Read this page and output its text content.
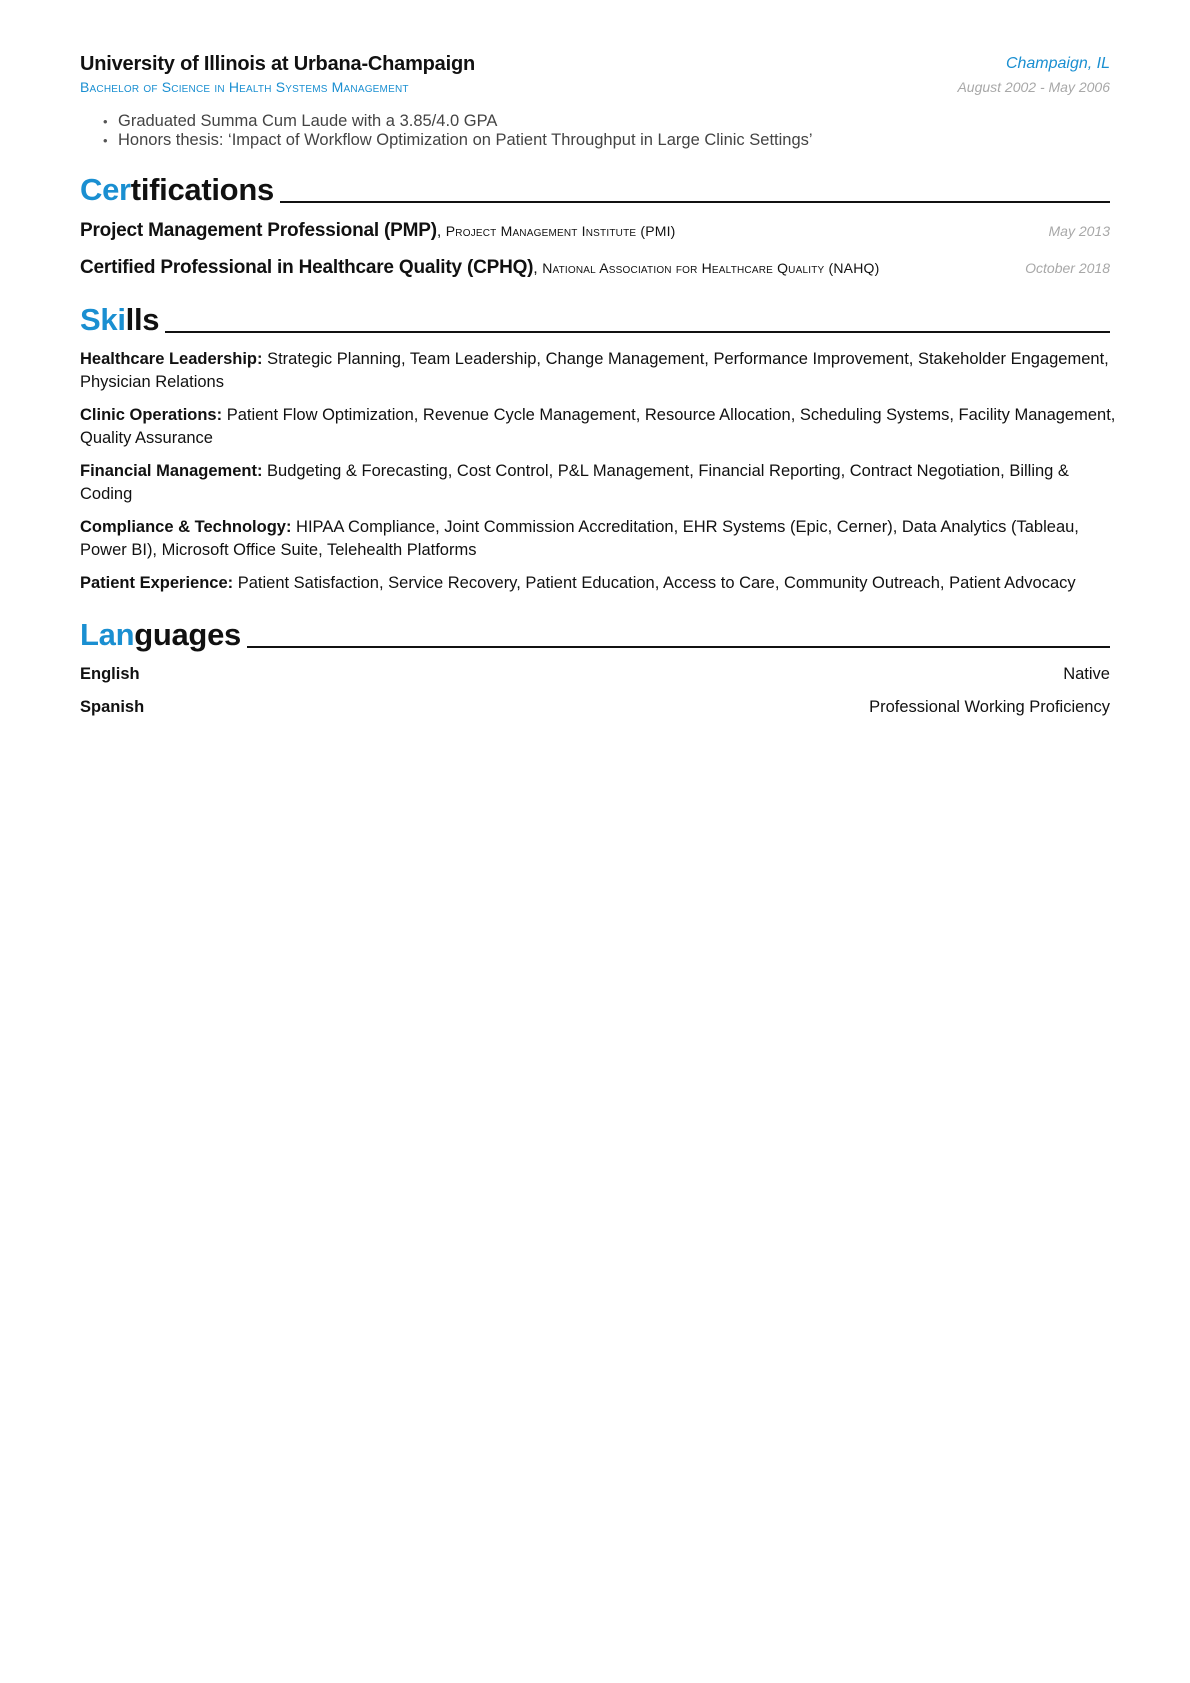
University of Illinois at Urbana-Champaign	Champaign, IL
Bachelor of Science in Health Systems Management	August 2002 - May 2006
• Graduated Summa Cum Laude with a 3.85/4.0 GPA
• Honors thesis: ‘Impact of Workflow Optimization on Patient Throughput in Large Clinic Settings’
Certifications
Project Management Professional (PMP), Project Management Institute (PMI)	May 2013
Certified Professional in Healthcare Quality (CPHQ), National Association for Healthcare Quality (NAHQ)	October 2018
Skills
Healthcare Leadership: Strategic Planning, Team Leadership, Change Management, Performance Improvement, Stakeholder Engagement, Physician Relations
Clinic Operations: Patient Flow Optimization, Revenue Cycle Management, Resource Allocation, Scheduling Systems, Facility Management, Quality Assurance
Financial Management: Budgeting & Forecasting, Cost Control, P&L Management, Financial Reporting, Contract Negotiation, Billing & Coding
Compliance & Technology: HIPAA Compliance, Joint Commission Accreditation, EHR Systems (Epic, Cerner), Data Analytics (Tableau, Power BI), Microsoft Office Suite, Telehealth Platforms
Patient Experience: Patient Satisfaction, Service Recovery, Patient Education, Access to Care, Community Outreach, Patient Advocacy
Languages
English	Native
Spanish	Professional Working Proficiency
